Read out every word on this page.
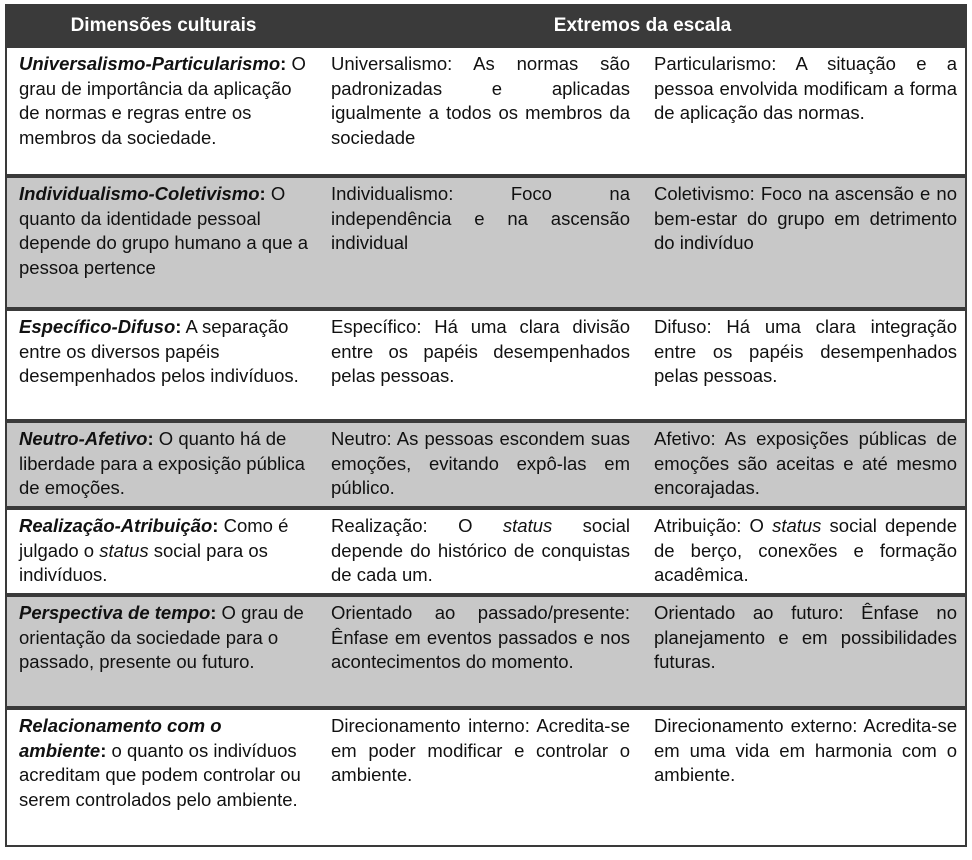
Dimensões culturais	Extremos da escala
Universalismo-Particularismo: O grau de importância da aplicação de normas e regras entre os membros da sociedade.
Universalismo: As normas são padronizadas e aplicadas igualmente a todos os membros da sociedade
Particularismo: A situação e a pessoa envolvida modificam a forma de aplicação das normas.
Individualismo-Coletivismo: O quanto da identidade pessoal depende do grupo humano a que a pessoa pertence
Individualismo: Foco na independência e na ascensão individual
Coletivismo: Foco na ascensão e no bem-estar do grupo em detrimento do indivíduo
Específico-Difuso: A separação entre os diversos papéis desempenhados pelos indivíduos.
Específico: Há uma clara divisão entre os papéis desempenhados pelas pessoas.
Difuso: Há uma clara integração entre os papéis desempenhados pelas pessoas.
Neutro-Afetivo: O quanto há de liberdade para a exposição pública de emoções.
Neutro: As pessoas escondem suas emoções, evitando expô-las em público.
Afetivo: As exposições públicas de emoções são aceitas e até mesmo encorajadas.
Realização-Atribuição: Como é julgado o status social para os indivíduos.
Realização: O status social depende do histórico de conquistas de cada um.
Atribuição: O status social depende de berço, conexões e formação acadêmica.
Perspectiva de tempo: O grau de orientação da sociedade para o passado, presente ou futuro.
Orientado ao passado/presente: Ênfase em eventos passados e nos acontecimentos do momento.
Orientado ao futuro: Ênfase no planejamento e em possibilidades futuras.
Relacionamento com o ambiente: o quanto os indivíduos acreditam que podem controlar ou serem controlados pelo ambiente.
Direcionamento interno: Acredita-se em poder modificar e controlar o ambiente.
Direcionamento externo: Acredita-se em uma vida em harmonia com o ambiente.
